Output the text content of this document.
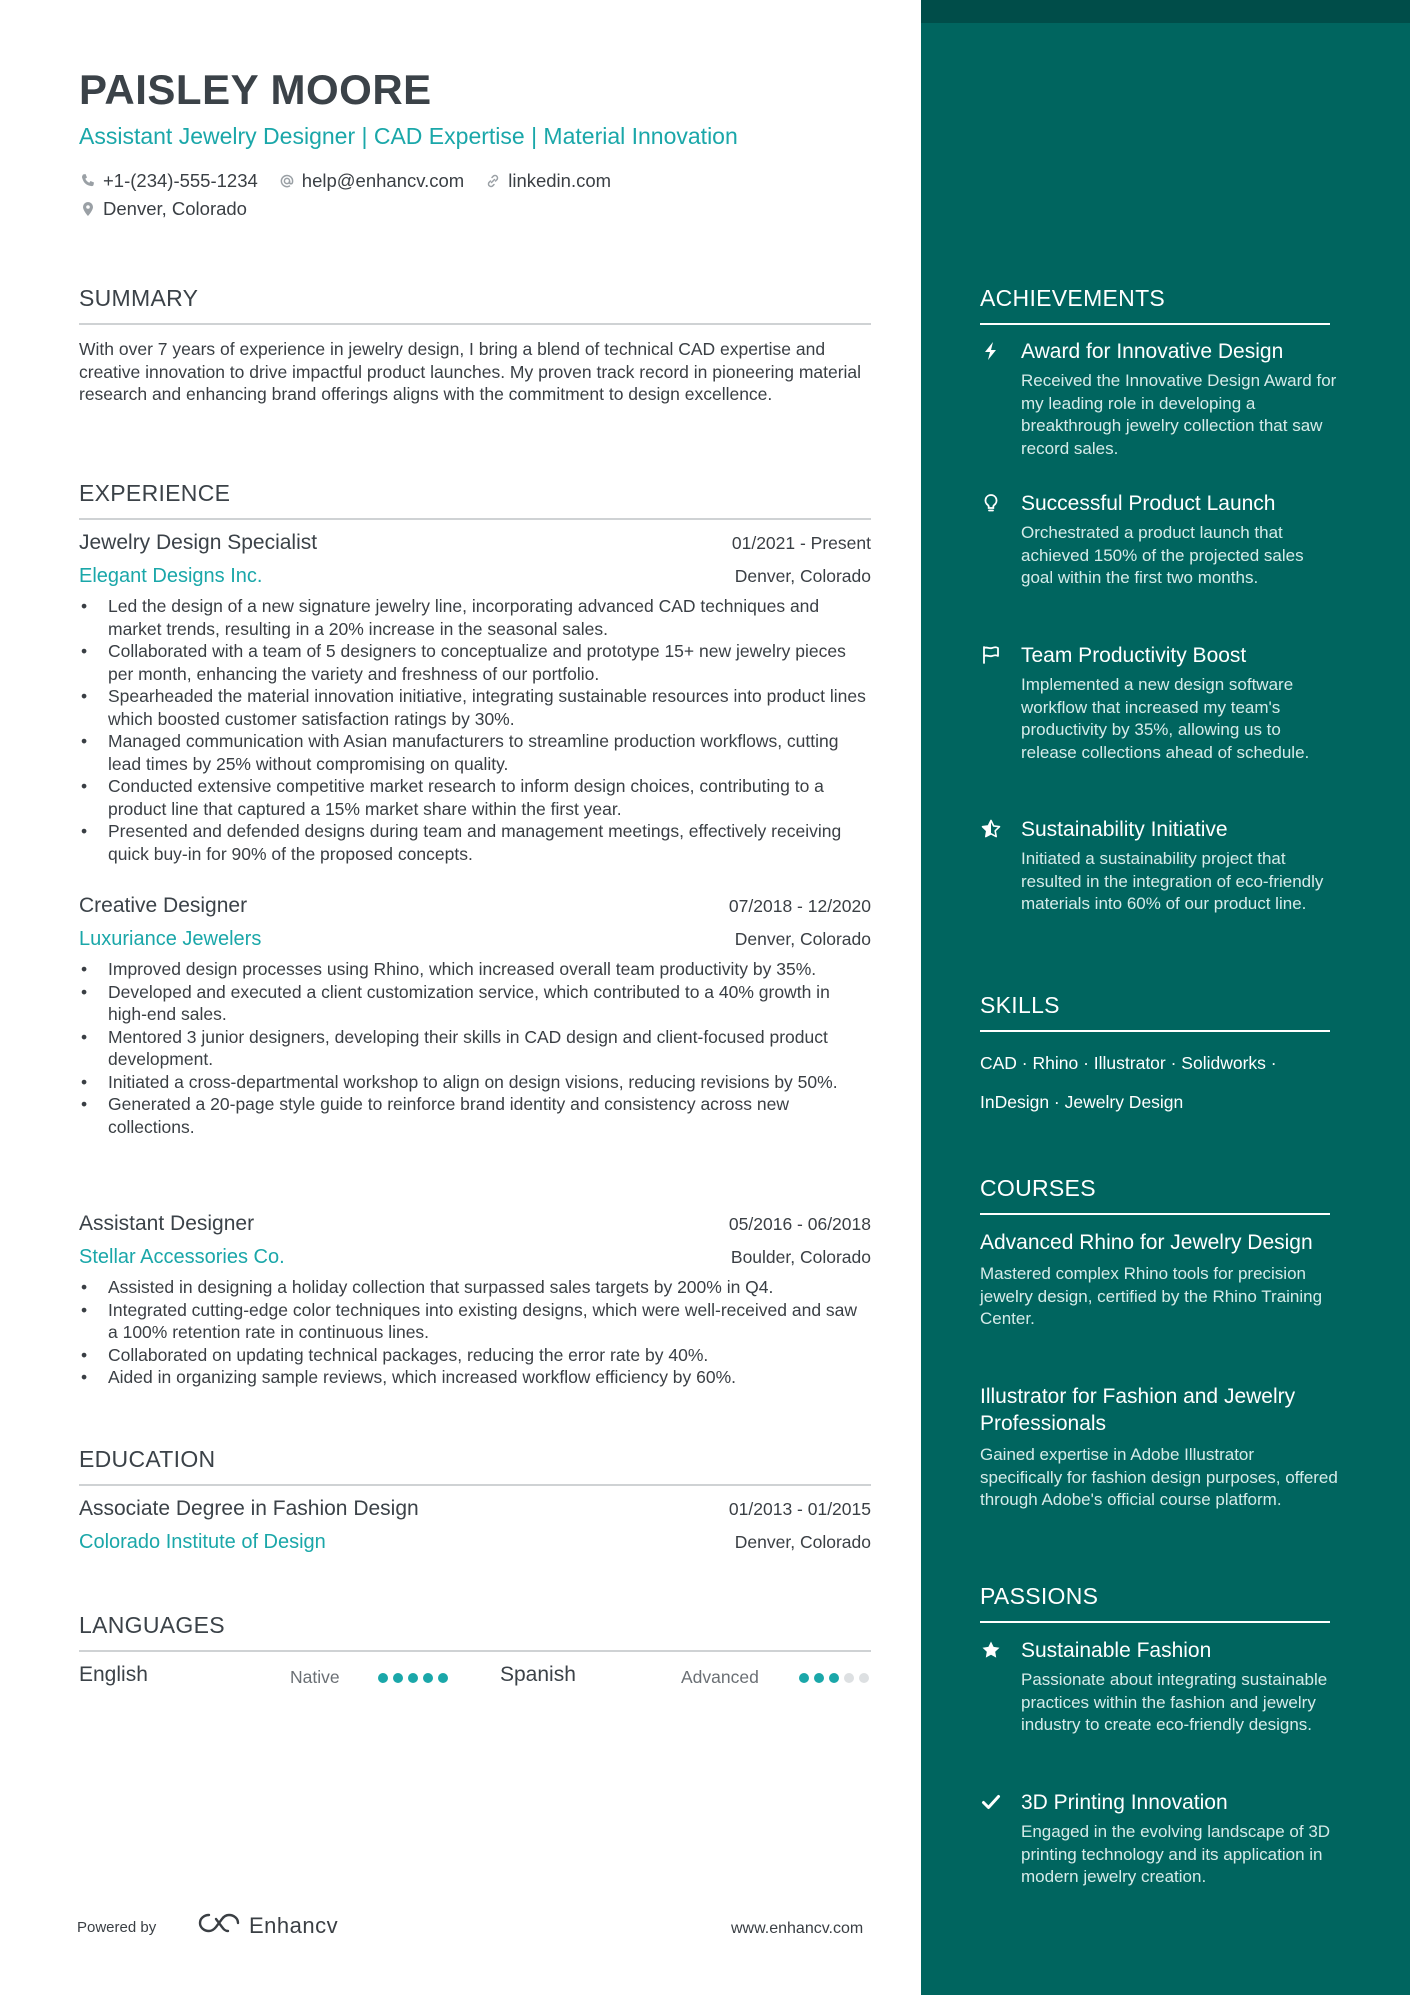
PAISLEY MOORE
Assistant Jewelry Designer | CAD Expertise | Material Innovation
+1-(234)-555-1234 help@enhancv.com linkedin.com
Denver, Colorado
SUMMARY
With over 7 years of experience in jewelry design, I bring a blend of technical CAD expertise and creative innovation to drive impactful product launches. My proven track record in pioneering material research and enhancing brand offerings aligns with the commitment to design excellence.
EXPERIENCE
Jewelry Design Specialist	01/2021 - Present
Elegant Designs Inc.	Denver, Colorado
• Led the design of a new signature jewelry line, incorporating advanced CAD techniques and market trends, resulting in a 20% increase in the seasonal sales.
• Collaborated with a team of 5 designers to conceptualize and prototype 15+ new jewelry pieces per month, enhancing the variety and freshness of our portfolio.
• Spearheaded the material innovation initiative, integrating sustainable resources into product lines which boosted customer satisfaction ratings by 30%.
• Managed communication with Asian manufacturers to streamline production workflows, cutting lead times by 25% without compromising on quality.
• Conducted extensive competitive market research to inform design choices, contributing to a product line that captured a 15% market share within the first year.
• Presented and defended designs during team and management meetings, effectively receiving quick buy-in for 90% of the proposed concepts.
Creative Designer	07/2018 - 12/2020
Luxuriance Jewelers	Denver, Colorado
• Improved design processes using Rhino, which increased overall team productivity by 35%.
• Developed and executed a client customization service, which contributed to a 40% growth in high-end sales.
• Mentored 3 junior designers, developing their skills in CAD design and client-focused product development.
• Initiated a cross-departmental workshop to align on design visions, reducing revisions by 50%.
• Generated a 20-page style guide to reinforce brand identity and consistency across new collections.
Assistant Designer	05/2016 - 06/2018
Stellar Accessories Co.	Boulder, Colorado
• Assisted in designing a holiday collection that surpassed sales targets by 200% in Q4.
• Integrated cutting-edge color techniques into existing designs, which were well-received and saw a 100% retention rate in continuous lines.
• Collaborated on updating technical packages, reducing the error rate by 40%.
• Aided in organizing sample reviews, which increased workflow efficiency by 60%.
EDUCATION
Associate Degree in Fashion Design	01/2013 - 01/2015
Colorado Institute of Design	Denver, Colorado
LANGUAGES
English	Native	Spanish	Advanced
Powered by	Enhancv	www.enhancv.com
ACHIEVEMENTS
Award for Innovative Design
Received the Innovative Design Award for my leading role in developing a breakthrough jewelry collection that saw record sales.
Successful Product Launch
Orchestrated a product launch that achieved 150% of the projected sales goal within the first two months.
Team Productivity Boost
Implemented a new design software workflow that increased my team's productivity by 35%, allowing us to release collections ahead of schedule.
Sustainability Initiative
Initiated a sustainability project that resulted in the integration of eco-friendly materials into 60% of our product line.
SKILLS
CAD · Rhino · Illustrator · Solidworks ·
InDesign · Jewelry Design
COURSES
Advanced Rhino for Jewelry Design
Mastered complex Rhino tools for precision jewelry design, certified by the Rhino Training Center.
Illustrator for Fashion and Jewelry Professionals
Gained expertise in Adobe Illustrator specifically for fashion design purposes, offered through Adobe's official course platform.
PASSIONS
Sustainable Fashion
Passionate about integrating sustainable practices within the fashion and jewelry industry to create eco-friendly designs.
3D Printing Innovation
Engaged in the evolving landscape of 3D printing technology and its application in modern jewelry creation.
